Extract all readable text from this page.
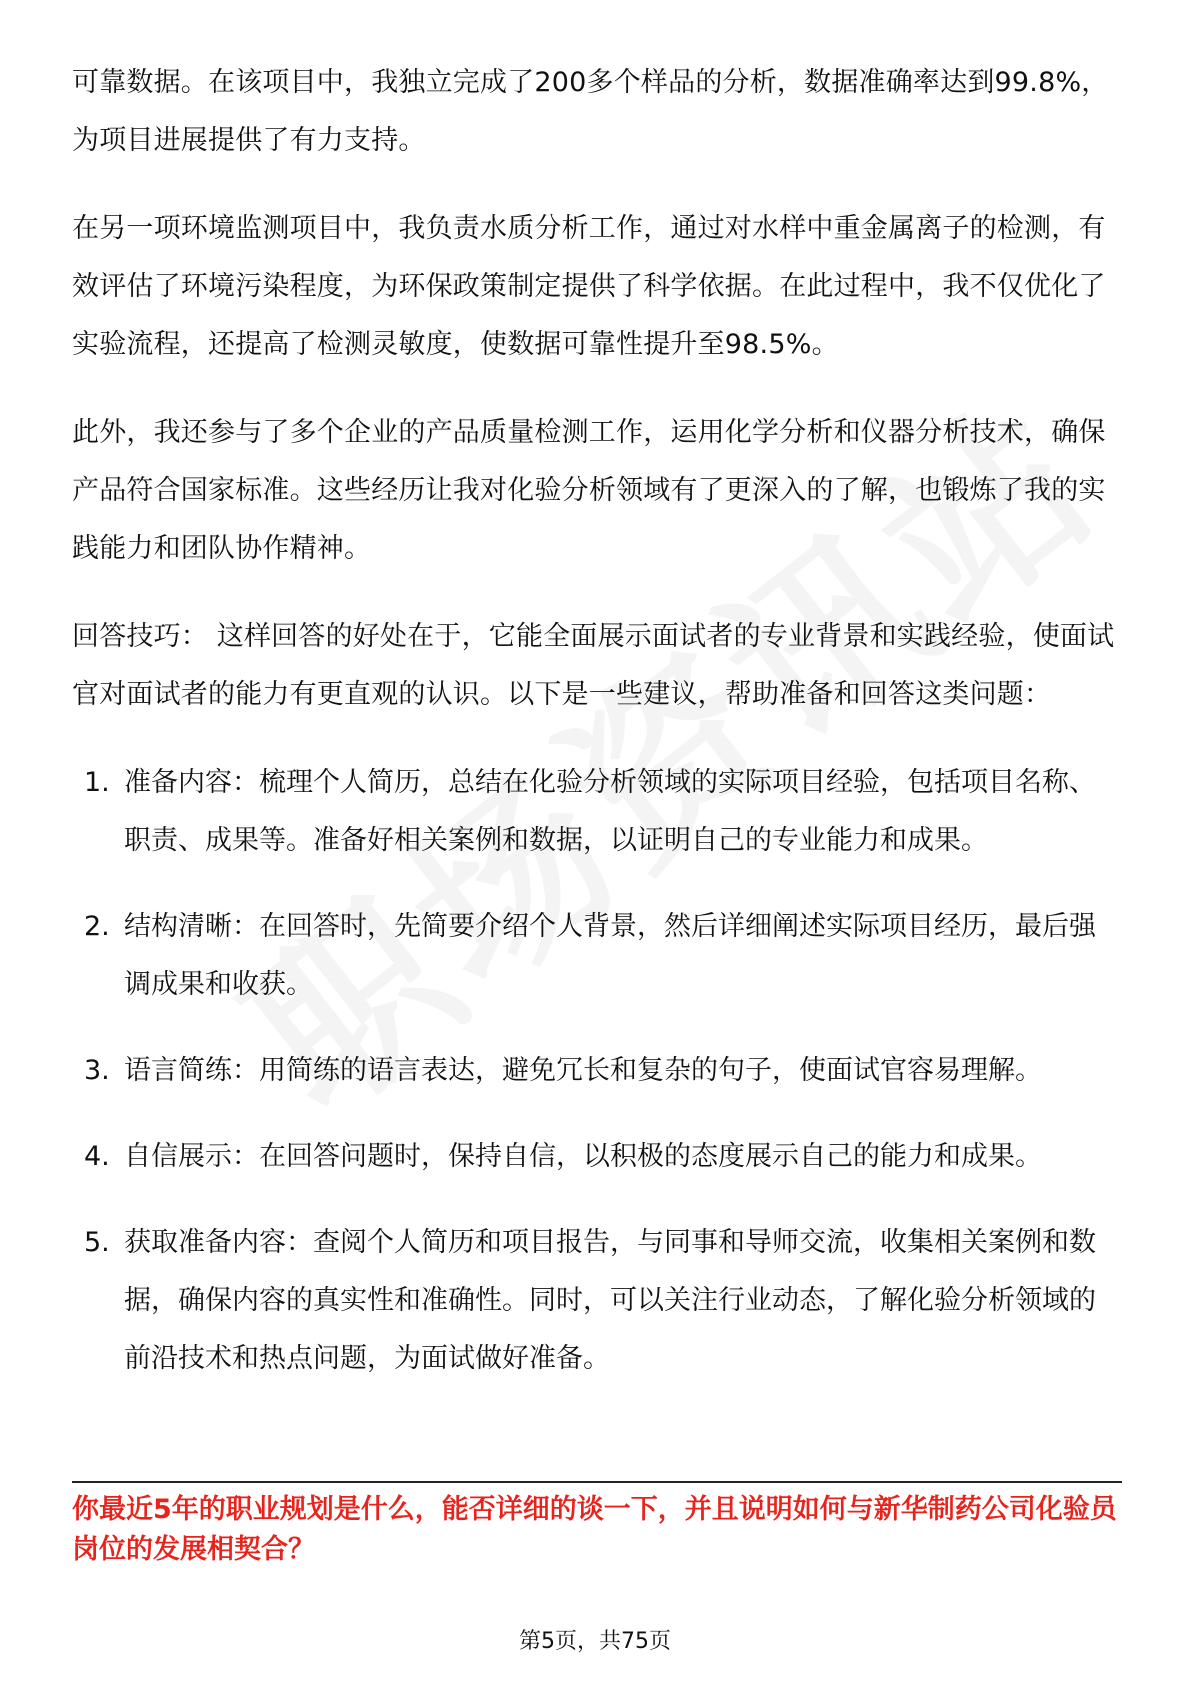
可靠数据。在该项目中，我独立完成了200多个样品的分析，数据准确率达到99.8%，为项目进展提供了有力支持。

在另一项环境监测项目中，我负责水质分析工作，通过对水样中重金属离子的检测，有效评估了环境污染程度，为环保政策制定提供了科学依据。在此过程中，我不仅优化了实验流程，还提高了检测灵敏度，使数据可靠性提升至98.5%。

此外，我还参与了多个企业的产品质量检测工作，运用化学分析和仪器分析技术，确保产品符合国家标准。这些经历让我对化验分析领域有了更深入的了解，也锻炼了我的实践能力和团队协作精神。

回答技巧： 这样回答的好处在于，它能全面展示面试者的专业背景和实践经验，使面试官对面试者的能力有更直观的认识。以下是一些建议，帮助准备和回答这类问题：

1. 准备内容：梳理个人简历，总结在化验分析领域的实际项目经验，包括项目名称、职责、成果等。准备好相关案例和数据，以证明自己的专业能力和成果。
2. 结构清晰：在回答时，先简要介绍个人背景，然后详细阐述实际项目经历，最后强调成果和收获。
3. 语言简练：用简练的语言表达，避免冗长和复杂的句子，使面试官容易理解。
4. 自信展示：在回答问题时，保持自信，以积极的态度展示自己的能力和成果。
5. 获取准备内容：查阅个人简历和项目报告，与同事和导师交流，收集相关案例和数据，确保内容的真实性和准确性。同时，可以关注行业动态，了解化验分析领域的前沿技术和热点问题，为面试做好准备。
你最近5年的职业规划是什么，能否详细的谈一下，并且说明如何与新华制药公司化验员岗位的发展相契合？
第5页，共75页
